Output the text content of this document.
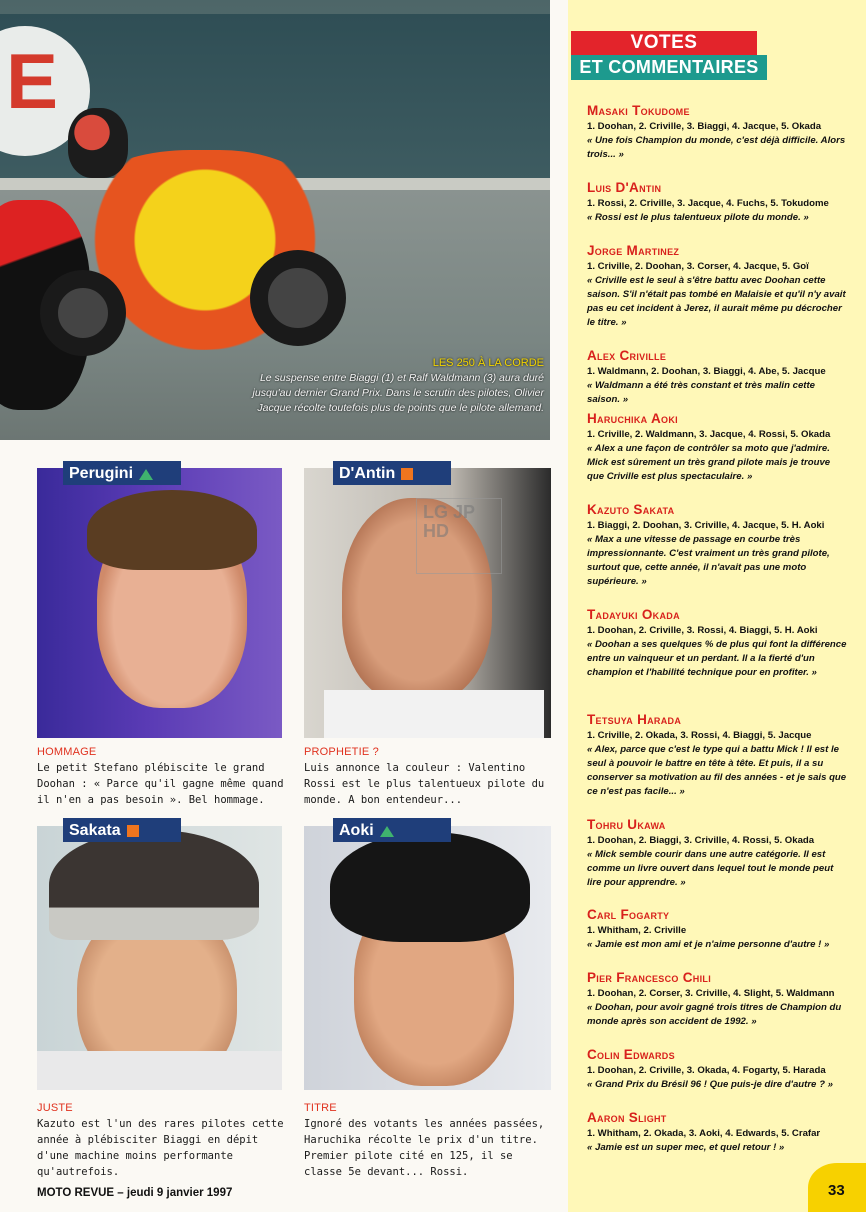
E
LES 250 À LA CORDE
Le suspense entre Biaggi (1) et Ralf Waldmann (3) aura duré jusqu'au dernier Grand Prix. Dans le scrutin des pilotes, Olivier Jacque récolte toutefois plus de points que le pilote allemand.
Perugini
HOMMAGE
Le petit Stefano plébiscite le grand Doohan : « Parce qu'il gagne même quand il n'en a pas besoin ». Bel hommage.
LG JP HD
D'Antin
PROPHETIE ?
Luis annonce la couleur : Valentino Rossi est le plus talentueux pilote du monde. A bon entendeur...
Sakata
JUSTE
Kazuto est l'un des rares pilotes cette année à plébisciter Biaggi en dépit d'une machine moins performante qu'autrefois.
Aoki
TITRE
Ignoré des votants les années passées, Haruchika récolte le prix d'un titre. Premier pilote cité en 125, il se classe 5e devant... Rossi.
MOTO REVUE – jeudi 9 janvier 1997
VOTES
ET COMMENTAIRES
Masaki Tokudome
1. Doohan, 2. Criville, 3. Biaggi, 4. Jacque, 5. Okada
« Une fois Champion du monde, c'est déjà difficile. Alors trois... »
Luis D'Antin
1. Rossi, 2. Criville, 3. Jacque, 4. Fuchs, 5. Tokudome
« Rossi est le plus talentueux pilote du monde. »
Jorge Martinez
1. Criville, 2. Doohan, 3. Corser, 4. Jacque, 5. Goï
« Criville est le seul à s'être battu avec Doohan cette saison. S'il n'était pas tombé en Malaisie et qu'il n'y avait pas eu cet incident à Jerez, il aurait même pu décrocher le titre. »
Alex Criville
1. Waldmann, 2. Doohan, 3. Biaggi, 4. Abe, 5. Jacque
« Waldmann a été très constant et très malin cette saison. »
Haruchika Aoki
1. Criville, 2. Waldmann, 3. Jacque, 4. Rossi, 5. Okada
« Alex a une façon de contrôler sa moto que j'admire. Mick est sûrement un très grand pilote mais je trouve que Criville est plus spectaculaire. »
Kazuto Sakata
1. Biaggi, 2. Doohan, 3. Criville, 4. Jacque, 5. H. Aoki
« Max a une vitesse de passage en courbe très impressionnante. C'est vraiment un très grand pilote, surtout que, cette année, il n'avait pas une moto supérieure. »
Tadayuki Okada
1. Doohan, 2. Criville, 3. Rossi, 4. Biaggi, 5. H. Aoki
« Doohan a ses quelques % de plus qui font la différence entre un vainqueur et un perdant. Il a la fierté d'un champion et l'habilité technique pour en profiter. »
Tetsuya Harada
1. Criville, 2. Okada, 3. Rossi, 4. Biaggi, 5. Jacque
« Alex, parce que c'est le type qui a battu Mick ! Il est le seul à pouvoir le battre en tête à tête. Et puis, il a su conserver sa motivation au fil des années - et je sais que ce n'est pas facile... »
Tohru Ukawa
1. Doohan, 2. Biaggi, 3. Criville, 4. Rossi, 5. Okada
« Mick semble courir dans une autre catégorie. Il est comme un livre ouvert dans lequel tout le monde peut lire pour apprendre. »
Carl Fogarty
1. Whitham, 2. Criville
« Jamie est mon ami et je n'aime personne d'autre ! »
Pier Francesco Chili
1. Doohan, 2. Corser, 3. Criville, 4. Slight, 5. Waldmann
« Doohan, pour avoir gagné trois titres de Champion du monde après son accident de 1992. »
Colin Edwards
1. Doohan, 2. Criville, 3. Okada, 4. Fogarty, 5. Harada
« Grand Prix du Brésil 96 ! Que puis-je dire d'autre ? »
Aaron Slight
1. Whitham, 2. Okada, 3. Aoki, 4. Edwards, 5. Crafar
« Jamie est un super mec, et quel retour ! »
33
